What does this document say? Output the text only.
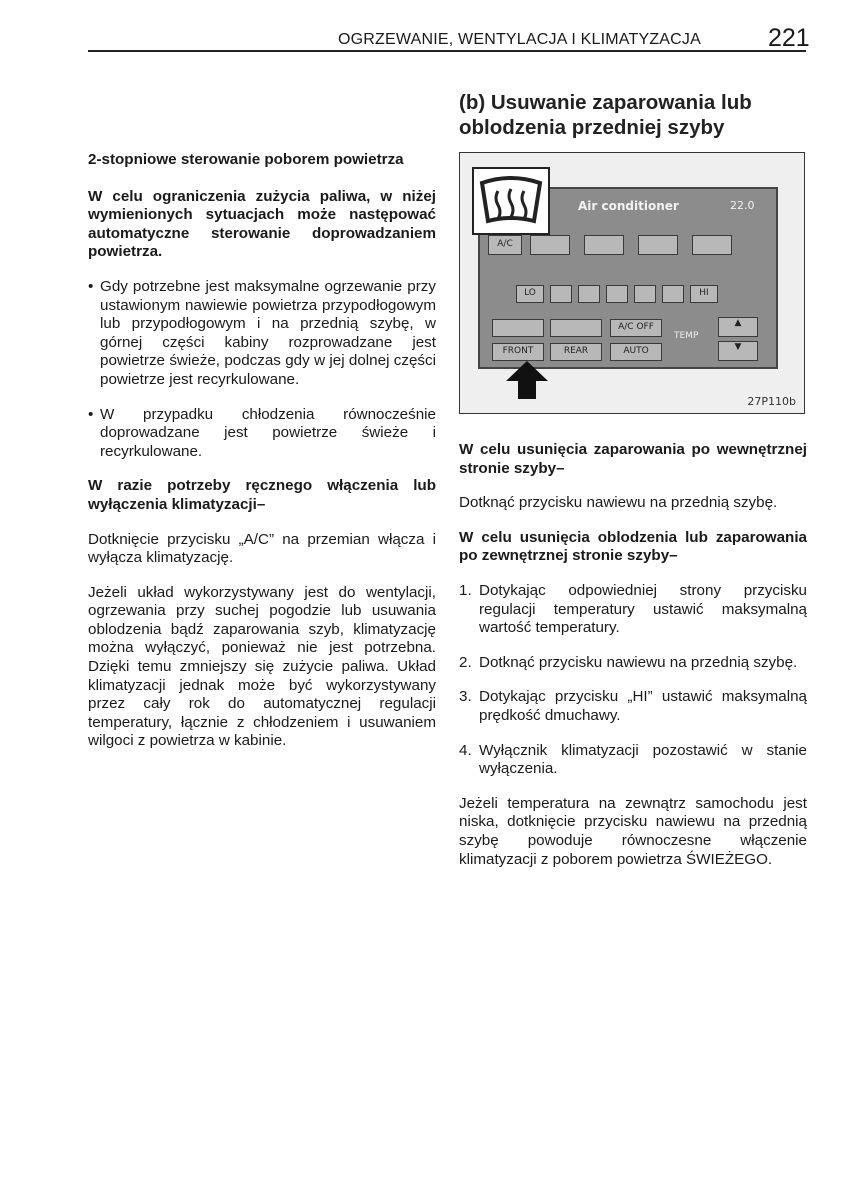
OGRZEWANIE, WENTYLACJA I KLIMATYZACJA	221

2-stopniowe sterowanie poborem powietrza

W celu ograniczenia zużycia paliwa, w niżej wymienionych sytuacjach może następować automatyczne sterowanie doprowadzaniem powietrza.

• Gdy potrzebne jest maksymalne ogrzewanie przy ustawionym nawiewie powietrza przypodłogowym lub przypodłogowym i na przednią szybę, w górnej części kabiny rozprowadzane jest powietrze świeże, podczas gdy w jej dolnej części powietrze jest recyrkulowane.
• W przypadku chłodzenia równocześnie doprowadzane jest powietrze świeże i recyrkulowane.

W razie potrzeby ręcznego włączenia lub wyłączenia klimatyzacji–

Dotknięcie przycisku „A/C” na przemian włącza i wyłącza klimatyzację.

Jeżeli układ wykorzystywany jest do wentylacji, ogrzewania przy suchej pogodzie lub usuwania oblodzenia bądź zaparowania szyb, klimatyzację można wyłączyć, ponieważ nie jest potrzebna. Dzięki temu zmniejszy się zużycie paliwa. Układ klimatyzacji jednak może być wykorzystywany przez cały rok do automatycznej regulacji temperatury, łącznie z chłodzeniem i usuwaniem wilgoci z powietrza w kabinie.

(b) Usuwanie zaparowania lub oblodzenia przedniej szyby
Air conditioner	22.0
A/C
LO	HI
A/C OFF
FRONT	REAR	AUTO
TEMP
▲
▼
27P110b

W celu usunięcia zaparowania po wewnętrznej stronie szyby–

Dotknąć przycisku nawiewu na przednią szybę.

W celu usunięcia oblodzenia lub zaparowania po zewnętrznej stronie szyby–

1. Dotykając odpowiedniej strony przycisku regulacji temperatury ustawić maksymalną wartość temperatury.
2. Dotknąć przycisku nawiewu na przednią szybę.
3. Dotykając przycisku „HI” ustawić maksymalną prędkość dmuchawy.
4. Wyłącznik klimatyzacji pozostawić w stanie wyłączenia.

Jeżeli temperatura na zewnątrz samochodu jest niska, dotknięcie przycisku nawiewu na przednią szybę powoduje równoczesne włączenie klimatyzacji z poborem powietrza ŚWIEŻEGO.
